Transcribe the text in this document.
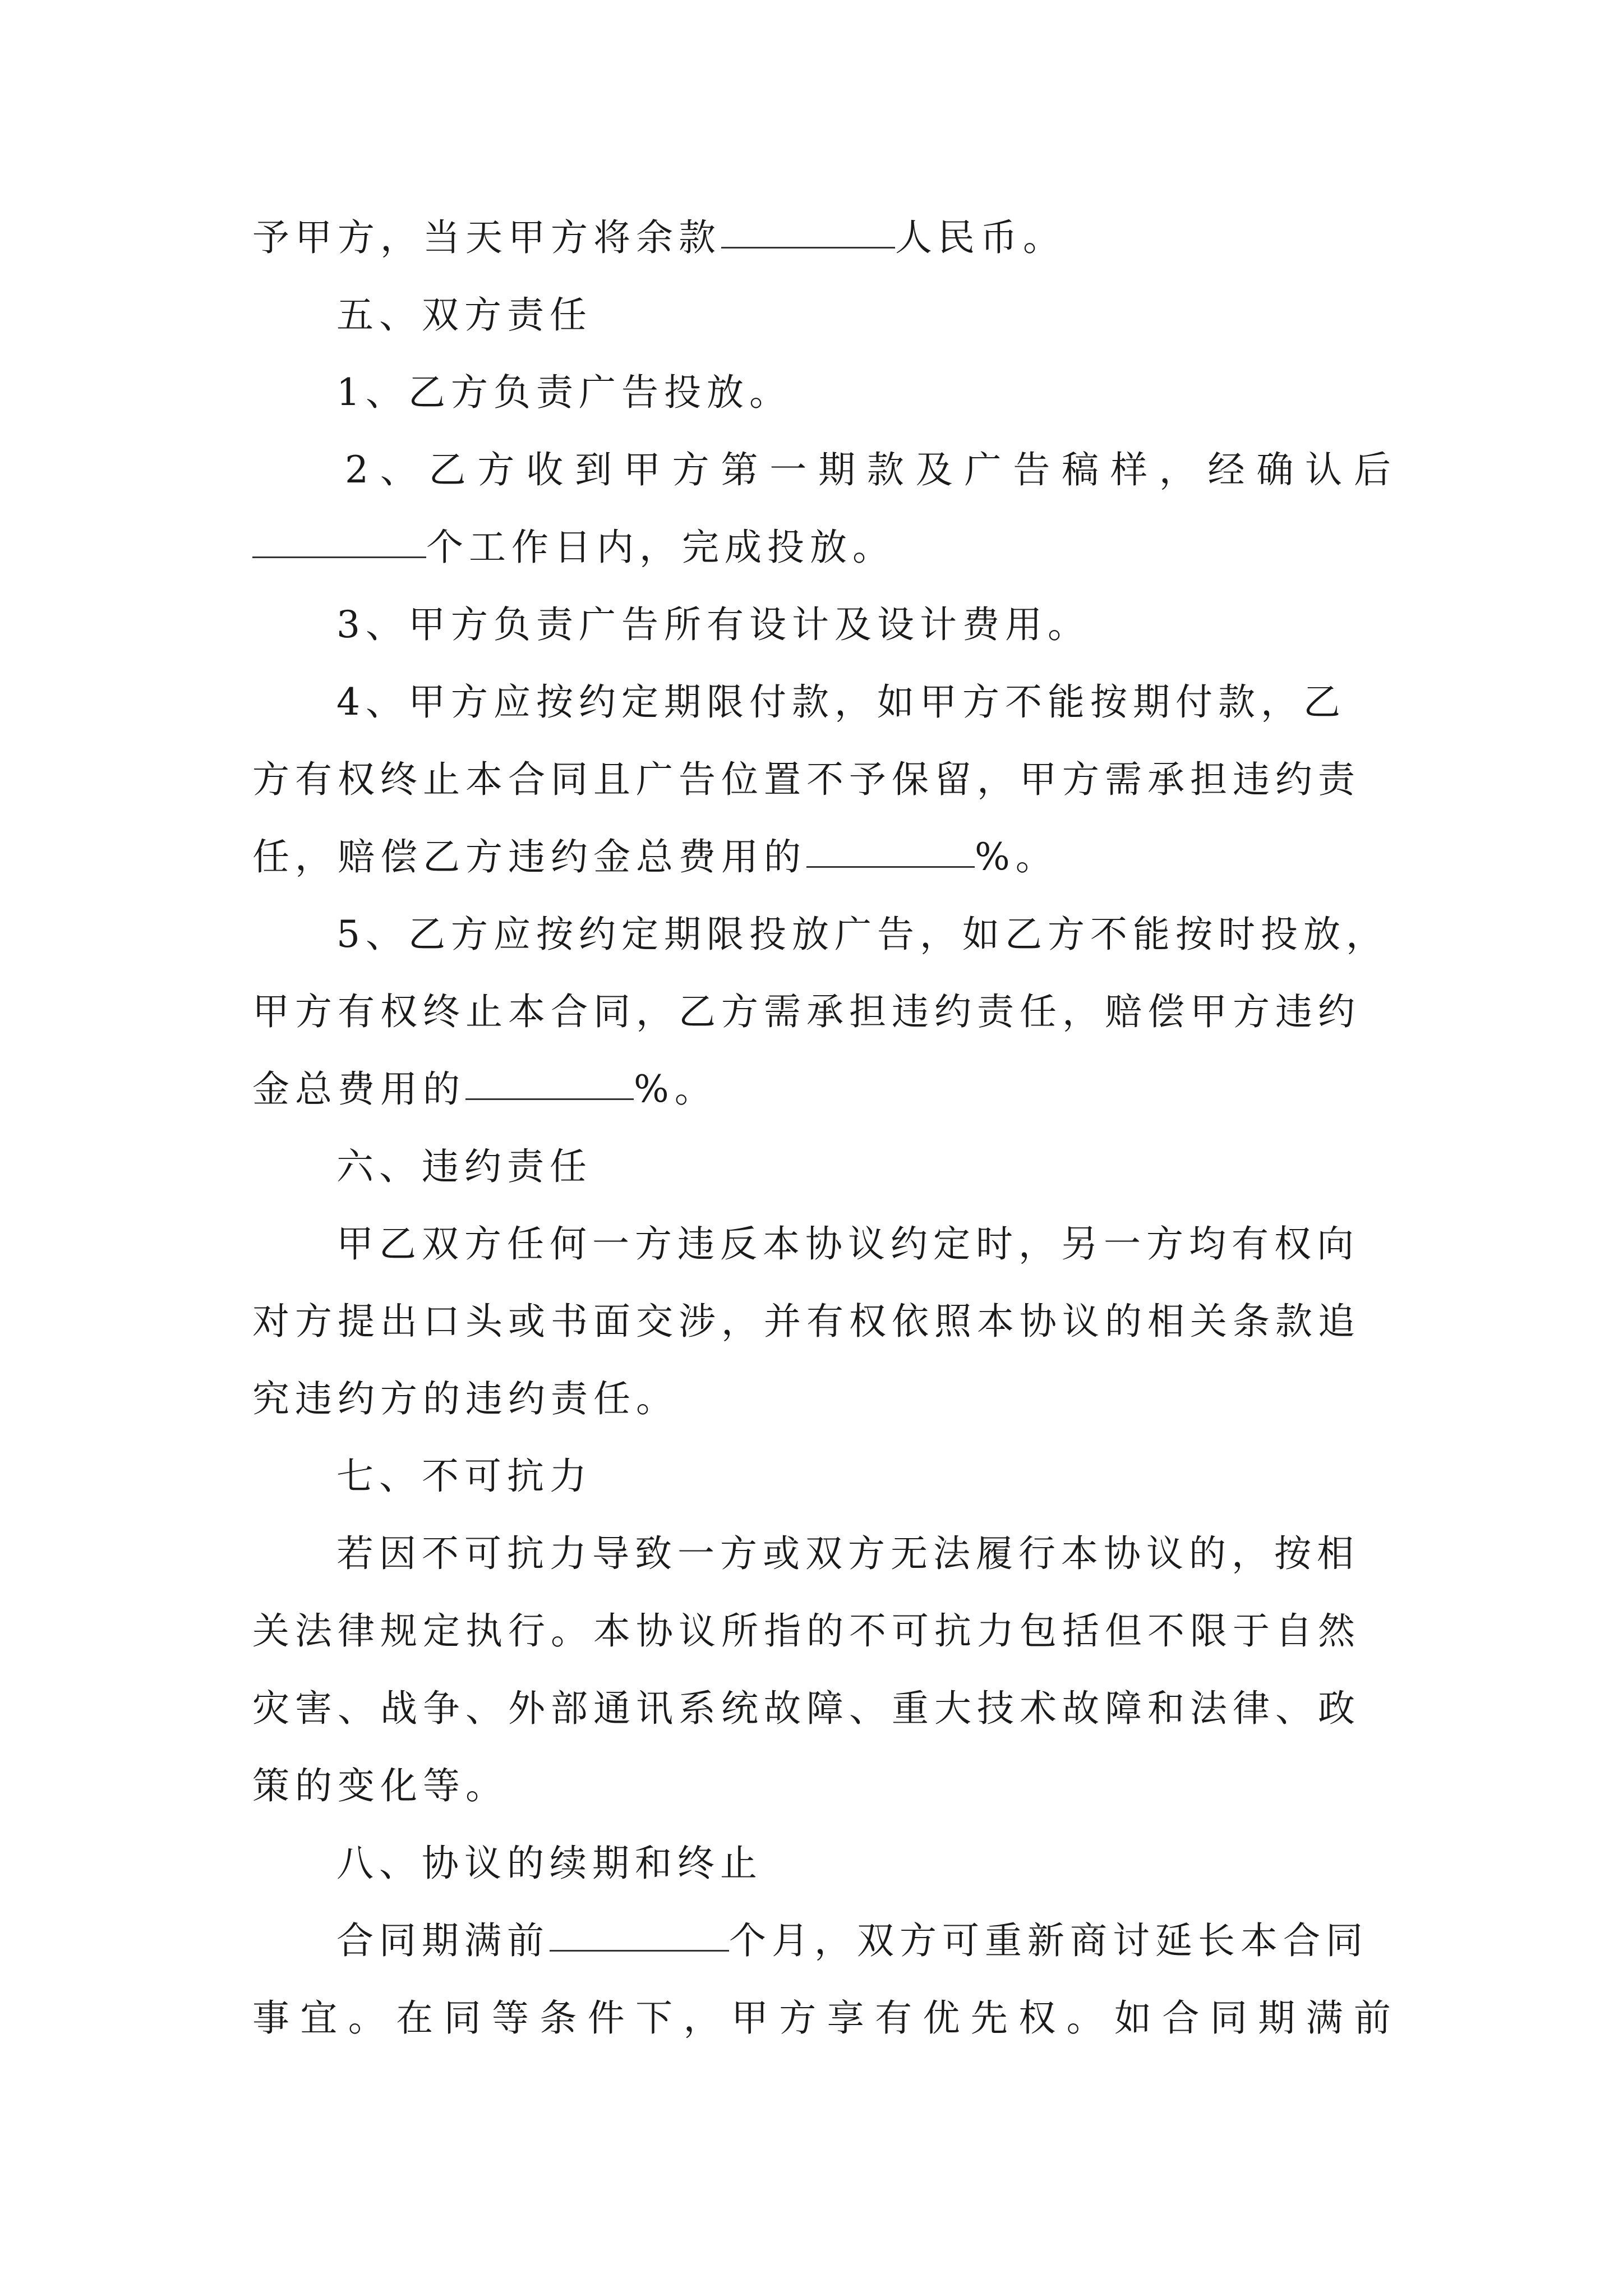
予甲方，当天甲方将余款	人民币。
五、双方责任
1、乙方负责广告投放。
2、乙方收到甲方第一期款及广告稿样，经确认后
个工作日内，完成投放。
3、甲方负责广告所有设计及设计费用。
4、甲方应按约定期限付款，如甲方不能按期付款，乙
方有权终止本合同且广告位置不予保留，甲方需承担违约责
任，赔偿乙方违约金总费用的	%。
5、乙方应按约定期限投放广告，如乙方不能按时投放，
甲方有权终止本合同，乙方需承担违约责任，赔偿甲方违约
金总费用的	%。
六、违约责任
甲乙双方任何一方违反本协议约定时，另一方均有权向
对方提出口头或书面交涉，并有权依照本协议的相关条款追
究违约方的违约责任。
七、不可抗力
若因不可抗力导致一方或双方无法履行本协议的，按相
关法律规定执行。本协议所指的不可抗力包括但不限于自然
灾害、战争、外部通讯系统故障、重大技术故障和法律、政
策的变化等。
八、协议的续期和终止
合同期满前	个月，双方可重新商讨延长本合同
事宜。在同等条件下，甲方享有优先权。如合同期满前
